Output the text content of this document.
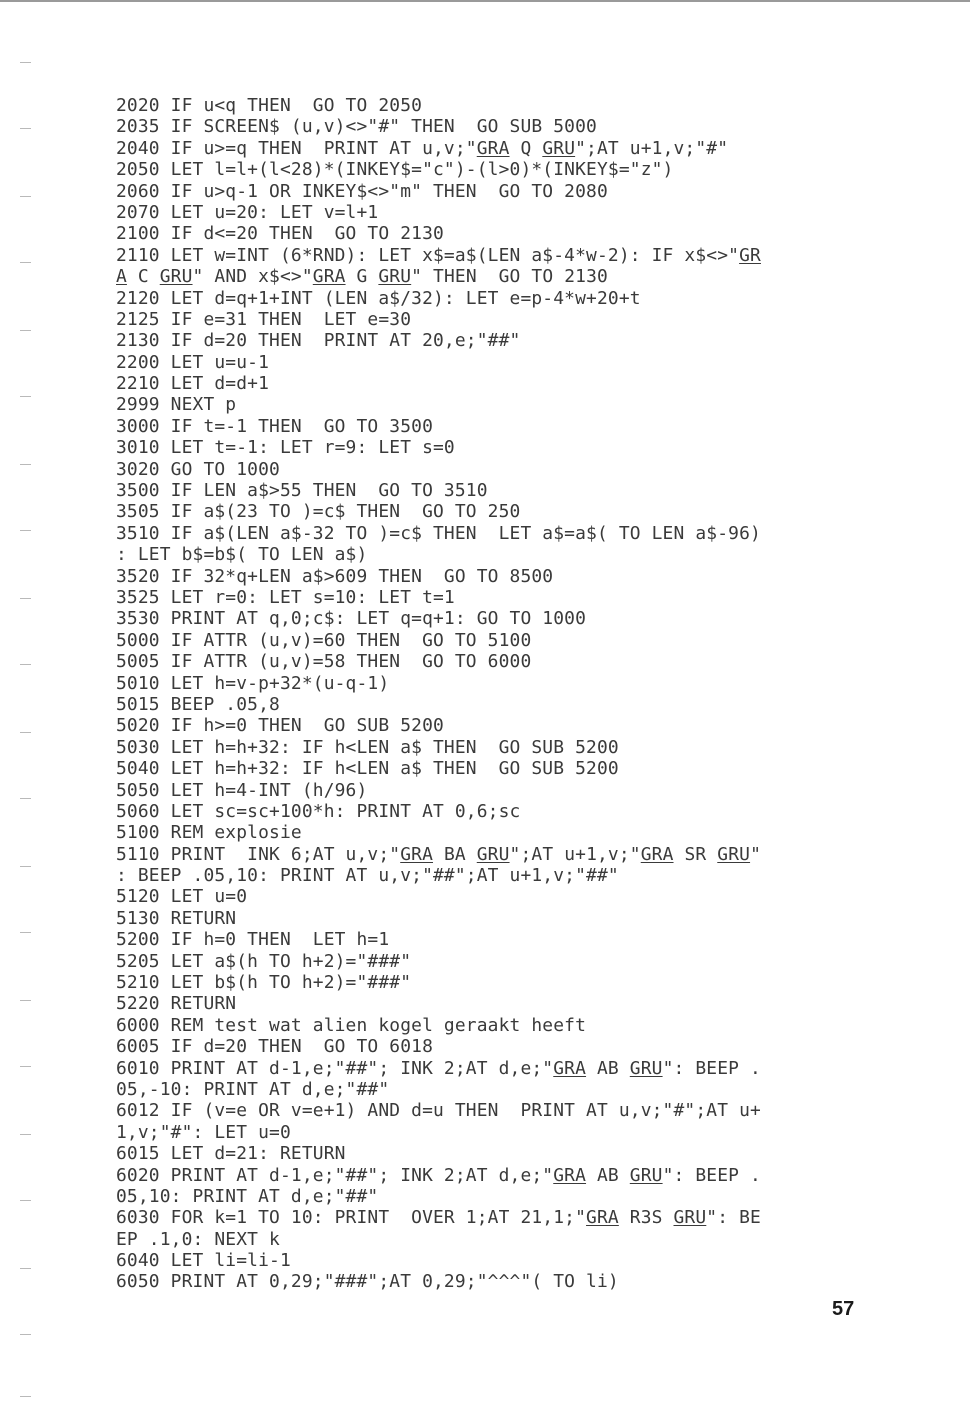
2020 IF u<q THEN  GO TO 2050
2035 IF SCREEN$ (u,v)<>"#" THEN  GO SUB 5000
2040 IF u>=q THEN  PRINT AT u,v;"GRA Q GRU";AT u+1,v;"#"
2050 LET l=l+(l<28)*(INKEY$="c")-(l>0)*(INKEY$="z")
2060 IF u>q-1 OR INKEY$<>"m" THEN  GO TO 2080
2070 LET u=20: LET v=l+1
2100 IF d<=20 THEN  GO TO 2130
2110 LET w=INT (6*RND): LET x$=a$(LEN a$-4*w-2): IF x$<>"GR
A C GRU" AND x$<>"GRA G GRU" THEN  GO TO 2130
2120 LET d=q+1+INT (LEN a$/32): LET e=p-4*w+20+t
2125 IF e=31 THEN  LET e=30
2130 IF d=20 THEN  PRINT AT 20,e;"##"
2200 LET u=u-1
2210 LET d=d+1
2999 NEXT p
3000 IF t=-1 THEN  GO TO 3500
3010 LET t=-1: LET r=9: LET s=0
3020 GO TO 1000
3500 IF LEN a$>55 THEN  GO TO 3510
3505 IF a$(23 TO )=c$ THEN  GO TO 250
3510 IF a$(LEN a$-32 TO )=c$ THEN  LET a$=a$( TO LEN a$-96)
: LET b$=b$( TO LEN a$)
3520 IF 32*q+LEN a$>609 THEN  GO TO 8500
3525 LET r=0: LET s=10: LET t=1
3530 PRINT AT q,0;c$: LET q=q+1: GO TO 1000
5000 IF ATTR (u,v)=60 THEN  GO TO 5100
5005 IF ATTR (u,v)=58 THEN  GO TO 6000
5010 LET h=v-p+32*(u-q-1)
5015 BEEP .05,8
5020 IF h>=0 THEN  GO SUB 5200
5030 LET h=h+32: IF h<LEN a$ THEN  GO SUB 5200
5040 LET h=h+32: IF h<LEN a$ THEN  GO SUB 5200
5050 LET h=4-INT (h/96)
5060 LET sc=sc+100*h: PRINT AT 0,6;sc
5100 REM explosie
5110 PRINT  INK 6;AT u,v;"GRA BA GRU";AT u+1,v;"GRA SR GRU"
: BEEP .05,10: PRINT AT u,v;"##";AT u+1,v;"##"
5120 LET u=0
5130 RETURN
5200 IF h=0 THEN  LET h=1
5205 LET a$(h TO h+2)="###"
5210 LET b$(h TO h+2)="###"
5220 RETURN
6000 REM test wat alien kogel geraakt heeft
6005 IF d=20 THEN  GO TO 6018
6010 PRINT AT d-1,e;"##"; INK 2;AT d,e;"GRA AB GRU": BEEP .
05,-10: PRINT AT d,e;"##"
6012 IF (v=e OR v=e+1) AND d=u THEN  PRINT AT u,v;"#";AT u+
1,v;"#": LET u=0
6015 LET d=21: RETURN
6020 PRINT AT d-1,e;"##"; INK 2;AT d,e;"GRA AB GRU": BEEP .
05,10: PRINT AT d,e;"##"
6030 FOR k=1 TO 10: PRINT  OVER 1;AT 21,1;"GRA R3S GRU": BE
EP .1,0: NEXT k
6040 LET li=li-1
6050 PRINT AT 0,29;"###";AT 0,29;"^^^"( TO li)
57
